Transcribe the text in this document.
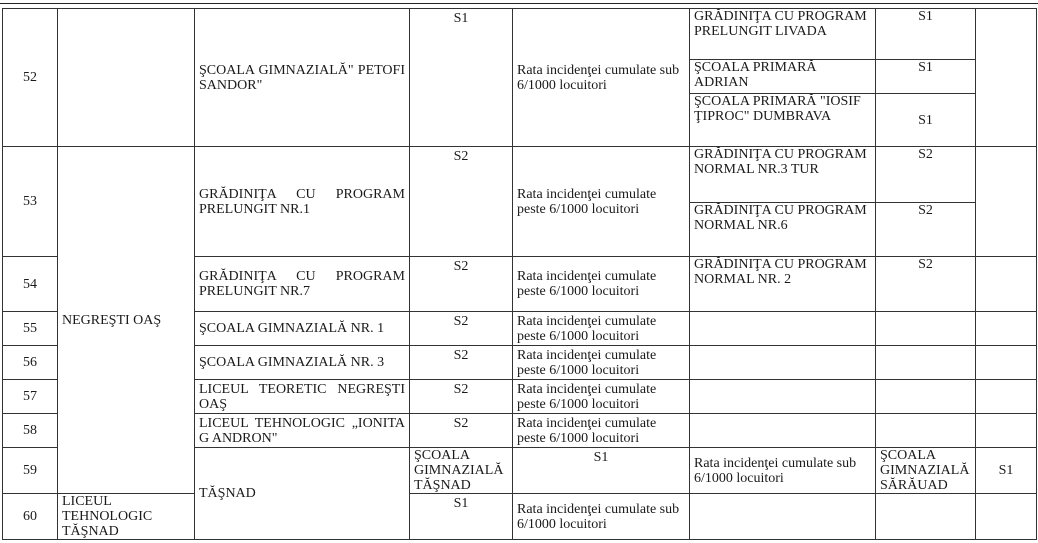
52		ŞCOALA GIMNAZIALĂ" PETOFI SANDOR"	S1	Rata incidenţei cumulate sub 6/1000 locuitori	GRĂDINIŢA CU PROGRAM PRELUNGIT LIVADA	S1		
					ŞCOALA PRIMARĂ ADRIAN	S1		
					ŞCOALA PRIMARĂ "IOSIF ŢIPROC" DUMBRAVA	S1		
53	NEGREŞTI OAŞ	GRĂDINIŢA CU PROGRAM PRELUNGIT NR.1	S2	Rata incidenţei cumulate peste 6/1000 locuitori	GRĂDINIŢA CU PROGRAM NORMAL NR.3 TUR	S2		
					GRĂDINIŢA CU PROGRAM NORMAL NR.6	S2		
54		GRĂDINIŢA CU PROGRAM PRELUNGIT NR.7	S2	Rata incidenţei cumulate peste 6/1000 locuitori	GRĂDINIŢA CU PROGRAM NORMAL NR. 2	S2		
55		ŞCOALA GIMNAZIALĂ NR. 1	S2	Rata incidenţei cumulate peste 6/1000 locuitori				
56		ŞCOALA GIMNAZIALĂ NR. 3	S2	Rata incidenţei cumulate peste 6/1000 locuitori				
57		LICEUL TEORETIC NEGREŞTI OAŞ	S2	Rata incidenţei cumulate peste 6/1000 locuitori				
58		LICEUL TEHNOLOGIC „IONITA G ANDRON"	S2	Rata incidenţei cumulate peste 6/1000 locuitori				
59		TĂŞNAD	ŞCOALA GIMNAZIALĂ TĂŞNAD	S1	Rata incidenţei cumulate sub 6/1000 locuitori	ŞCOALA GIMNAZIALĂ SĂRĂUAD	S1	
60	LICEUL TEHNOLOGIC TĂŞNAD		S1	Rata incidenţei cumulate sub 6/1000 locuitori				
